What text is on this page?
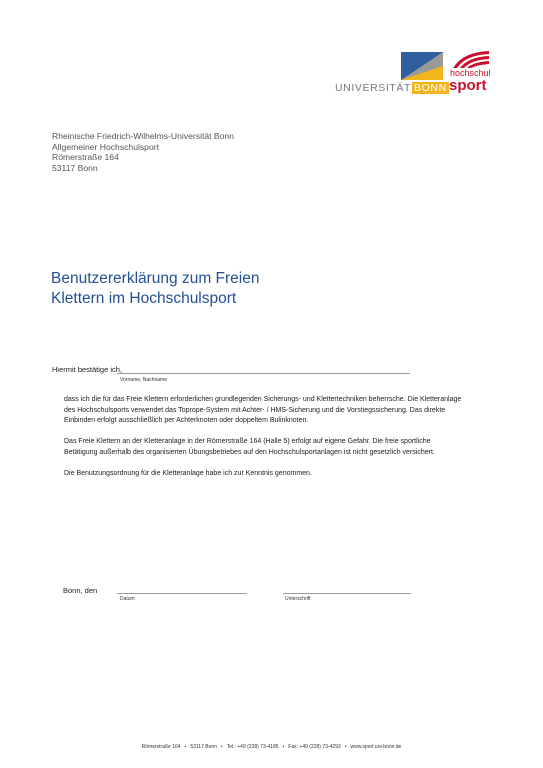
UNIVERSITÄT BONN
hochschul
sport
Rheinische Friedrich-Wilhelms-Universität Bonn
Allgemeiner Hochschulsport
Römerstraße 164
53117 Bonn
Benutzererklärung zum Freien
Klettern im Hochschulsport
Hiermit bestätige ich,
Vorname, Nachname

dass ich die für das Freie Klettern erforderlichen grundlegenden Sicherungs- und Klettertechniken beherrsche. Die Kletteranlage des Hochschulsports verwendet das Toprope-System mit Achter- / HMS-Sicherung und die Vorstiegssicherung. Das direkte Einbinden erfolgt ausschließlich per Achterknoten oder doppeltem Bulinknoten.

Das Freie Klettern an der Kletteranlage in der Römerstraße 164 (Halle 5) erfolgt auf eigene Gefahr. Die freie sportliche Betätigung außerhalb des organisierten Übungsbetriebes auf den Hochschulsportanlagen ist nicht gesetzlich versichert.

Die Benutzungsordnung für die Kletteranlage habe ich zur Kenntnis genommen.

Bonn, den
Datum	Unterschrift
Römerstraße 164 • 53117 Bonn • Tel.: +49 (228) 73-4185 • Fax: +49 (228) 73-4293 • www.sport.uni-bonn.de
